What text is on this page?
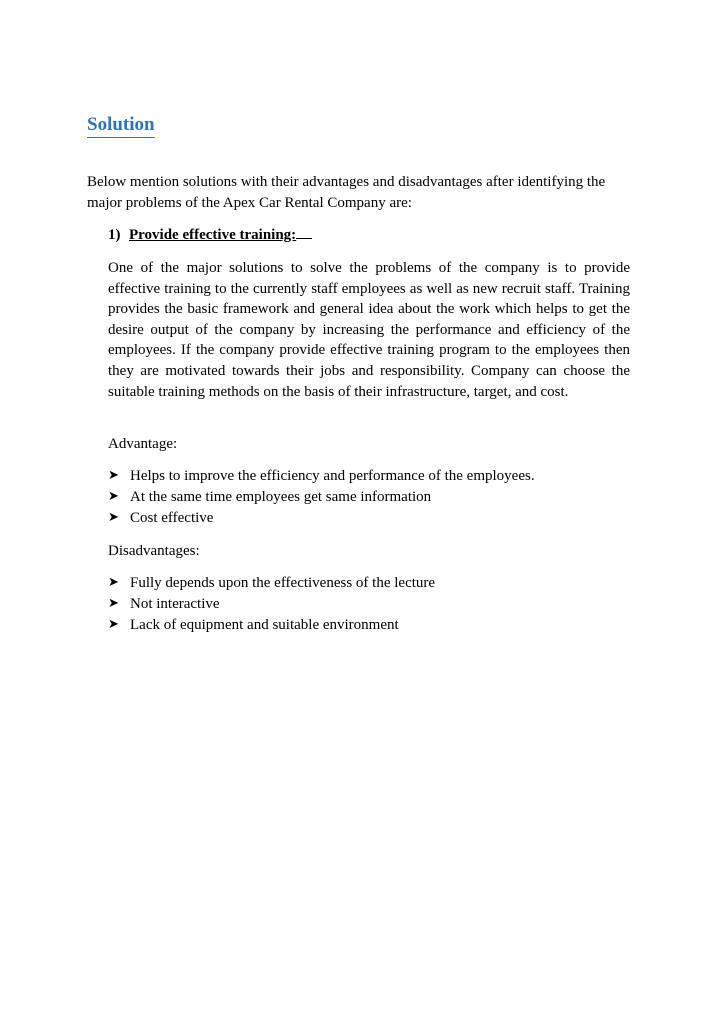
Solution
Below mention solutions with their advantages and disadvantages after identifying the major problems of the Apex Car Rental Company are:
1) Provide effective training:
One of the major solutions to solve the problems of the company is to provide effective training to the currently staff employees as well as new recruit staff. Training provides the basic framework and general idea about the work which helps to get the desire output of the company by increasing the performance and efficiency of the employees. If the company provide effective training program to the employees then they are motivated towards their jobs and responsibility. Company can choose the suitable training methods on the basis of their infrastructure, target, and cost.
Advantage:
➤ Helps to improve the efficiency and performance of the employees.
➤ At the same time employees get same information
➤ Cost effective
Disadvantages:
➤ Fully depends upon the effectiveness of the lecture
➤ Not interactive
➤ Lack of equipment and suitable environment
